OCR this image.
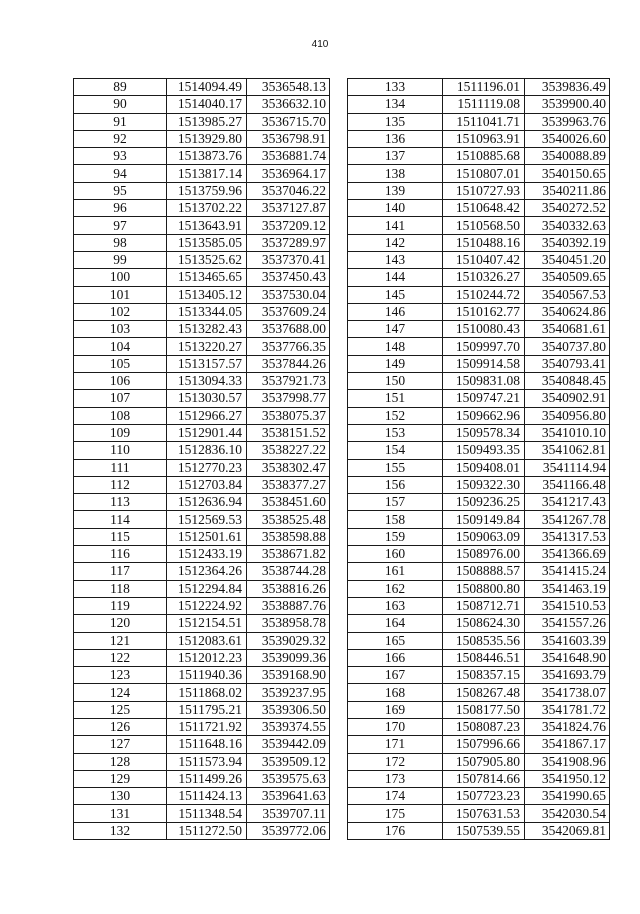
410
89	1514094.49	3536548.13
90	1514040.17	3536632.10
91	1513985.27	3536715.70
92	1513929.80	3536798.91
93	1513873.76	3536881.74
94	1513817.14	3536964.17
95	1513759.96	3537046.22
96	1513702.22	3537127.87
97	1513643.91	3537209.12
98	1513585.05	3537289.97
99	1513525.62	3537370.41
100	1513465.65	3537450.43
101	1513405.12	3537530.04
102	1513344.05	3537609.24
103	1513282.43	3537688.00
104	1513220.27	3537766.35
105	1513157.57	3537844.26
106	1513094.33	3537921.73
107	1513030.57	3537998.77
108	1512966.27	3538075.37
109	1512901.44	3538151.52
110	1512836.10	3538227.22
111	1512770.23	3538302.47
112	1512703.84	3538377.27
113	1512636.94	3538451.60
114	1512569.53	3538525.48
115	1512501.61	3538598.88
116	1512433.19	3538671.82
117	1512364.26	3538744.28
118	1512294.84	3538816.26
119	1512224.92	3538887.76
120	1512154.51	3538958.78
121	1512083.61	3539029.32
122	1512012.23	3539099.36
123	1511940.36	3539168.90
124	1511868.02	3539237.95
125	1511795.21	3539306.50
126	1511721.92	3539374.55
127	1511648.16	3539442.09
128	1511573.94	3539509.12
129	1511499.26	3539575.63
130	1511424.13	3539641.63
131	1511348.54	3539707.11
132	1511272.50	3539772.06
133	1511196.01	3539836.49
134	1511119.08	3539900.40
135	1511041.71	3539963.76
136	1510963.91	3540026.60
137	1510885.68	3540088.89
138	1510807.01	3540150.65
139	1510727.93	3540211.86
140	1510648.42	3540272.52
141	1510568.50	3540332.63
142	1510488.16	3540392.19
143	1510407.42	3540451.20
144	1510326.27	3540509.65
145	1510244.72	3540567.53
146	1510162.77	3540624.86
147	1510080.43	3540681.61
148	1509997.70	3540737.80
149	1509914.58	3540793.41
150	1509831.08	3540848.45
151	1509747.21	3540902.91
152	1509662.96	3540956.80
153	1509578.34	3541010.10
154	1509493.35	3541062.81
155	1509408.01	3541114.94
156	1509322.30	3541166.48
157	1509236.25	3541217.43
158	1509149.84	3541267.78
159	1509063.09	3541317.53
160	1508976.00	3541366.69
161	1508888.57	3541415.24
162	1508800.80	3541463.19
163	1508712.71	3541510.53
164	1508624.30	3541557.26
165	1508535.56	3541603.39
166	1508446.51	3541648.90
167	1508357.15	3541693.79
168	1508267.48	3541738.07
169	1508177.50	3541781.72
170	1508087.23	3541824.76
171	1507996.66	3541867.17
172	1507905.80	3541908.96
173	1507814.66	3541950.12
174	1507723.23	3541990.65
175	1507631.53	3542030.54
176	1507539.55	3542069.81
